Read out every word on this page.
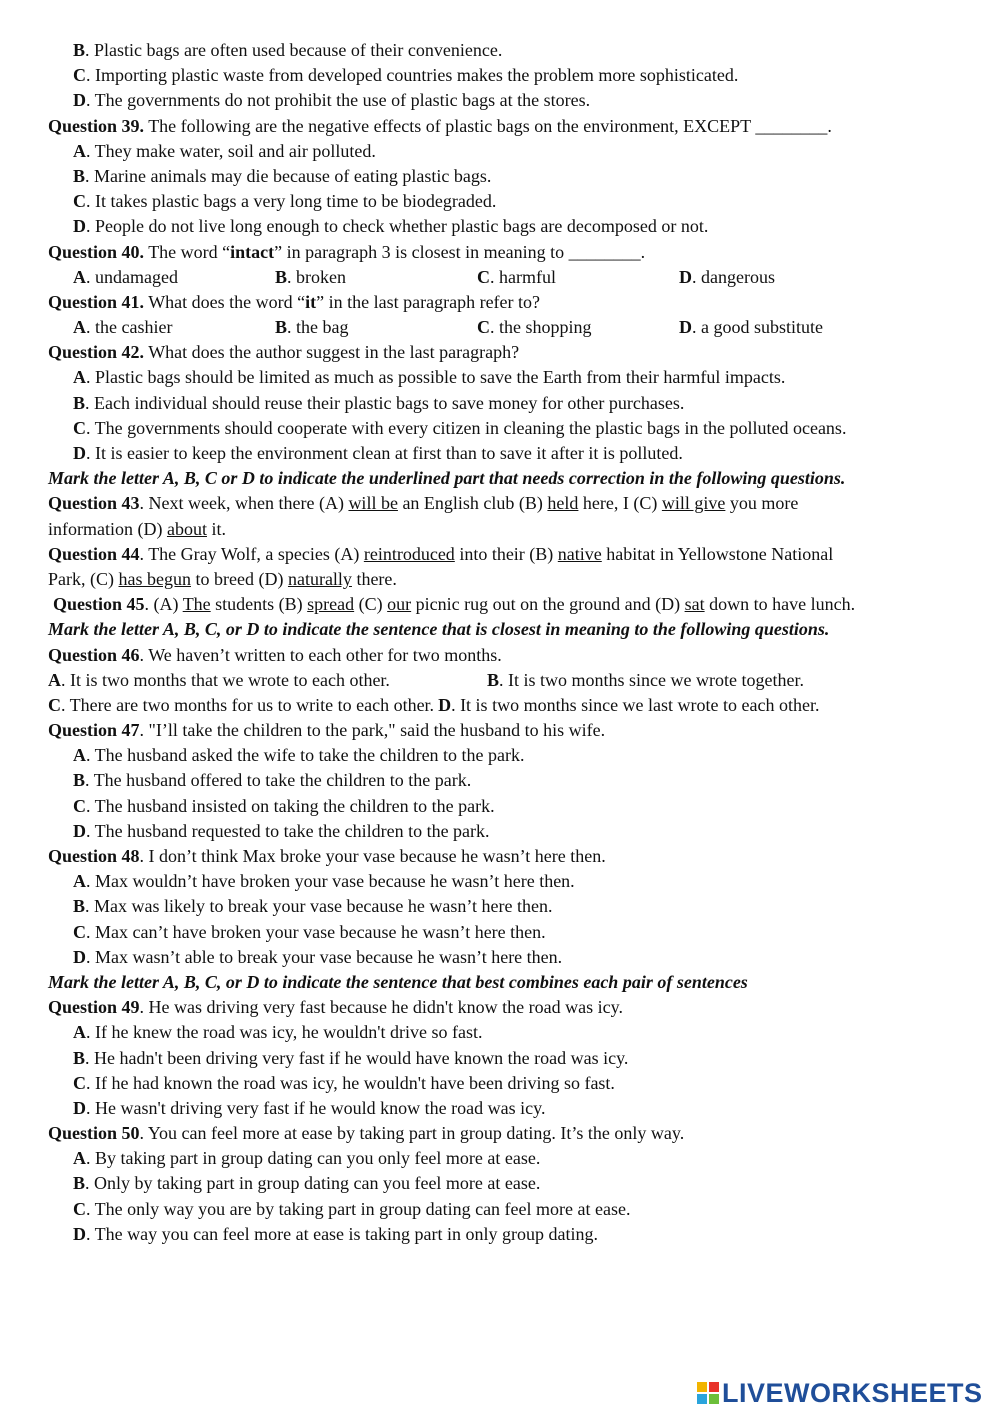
B. Plastic bags are often used because of their convenience.
C. Importing plastic waste from developed countries makes the problem more sophisticated.
D. The governments do not prohibit the use of plastic bags at the stores.
Question 39. The following are the negative effects of plastic bags on the environment, EXCEPT ________.
A. They make water, soil and air polluted.
B. Marine animals may die because of eating plastic bags.
C. It takes plastic bags a very long time to be biodegraded.
D. People do not live long enough to check whether plastic bags are decomposed or not.
Question 40. The word “intact” in paragraph 3 is closest in meaning to ________.
A. undamaged	B. broken	C. harmful	D. dangerous
Question 41. What does the word “it” in the last paragraph refer to?
A. the cashier	B. the bag	C. the shopping	D. a good substitute
Question 42. What does the author suggest in the last paragraph?
A. Plastic bags should be limited as much as possible to save the Earth from their harmful impacts.
B. Each individual should reuse their plastic bags to save money for other purchases.
C. The governments should cooperate with every citizen in cleaning the plastic bags in the polluted oceans.
D. It is easier to keep the environment clean at first than to save it after it is polluted.
Mark the letter A, B, C or D to indicate the underlined part that needs correction in the following questions.
Question 43. Next week, when there (A) will be an English club (B) held here, I (C) will give you more
information (D) about it.
Question 44. The Gray Wolf, a species (A) reintroduced into their (B) native habitat in Yellowstone National
Park, (C) has begun to breed (D) naturally there.
Question 45. (A) The students (B) spread (C) our picnic rug out on the ground and (D) sat down to have lunch.
Mark the letter A, B, C, or D to indicate the sentence that is closest in meaning to the following questions.
Question 46. We haven’t written to each other for two months.
A. It is two months that we wrote to each other.	B. It is two months since we wrote together.
C. There are two months for us to write to each other. D. It is two months since we last wrote to each other.
Question 47. "I’ll take the children to the park," said the husband to his wife.
A. The husband asked the wife to take the children to the park.
B. The husband offered to take the children to the park.
C. The husband insisted on taking the children to the park.
D. The husband requested to take the children to the park.
Question 48. I don’t think Max broke your vase because he wasn’t here then.
A. Max wouldn’t have broken your vase because he wasn’t here then.
B. Max was likely to break your vase because he wasn’t here then.
C. Max can’t have broken your vase because he wasn’t here then.
D. Max wasn’t able to break your vase because he wasn’t here then.
Mark the letter A, B, C, or D to indicate the sentence that best combines each pair of sentences
Question 49. He was driving very fast because he didn't know the road was icy.
A. If he knew the road was icy, he wouldn't drive so fast.
B. He hadn't been driving very fast if he would have known the road was icy.
C. If he had known the road was icy, he wouldn't have been driving so fast.
D. He wasn't driving very fast if he would know the road was icy.
Question 50. You can feel more at ease by taking part in group dating. It’s the only way.
A. By taking part in group dating can you only feel more at ease.
B. Only by taking part in group dating can you feel more at ease.
C. The only way you are by taking part in group dating can feel more at ease.
D. The way you can feel more at ease is taking part in only group dating.
LIVEWORKSHEETS
